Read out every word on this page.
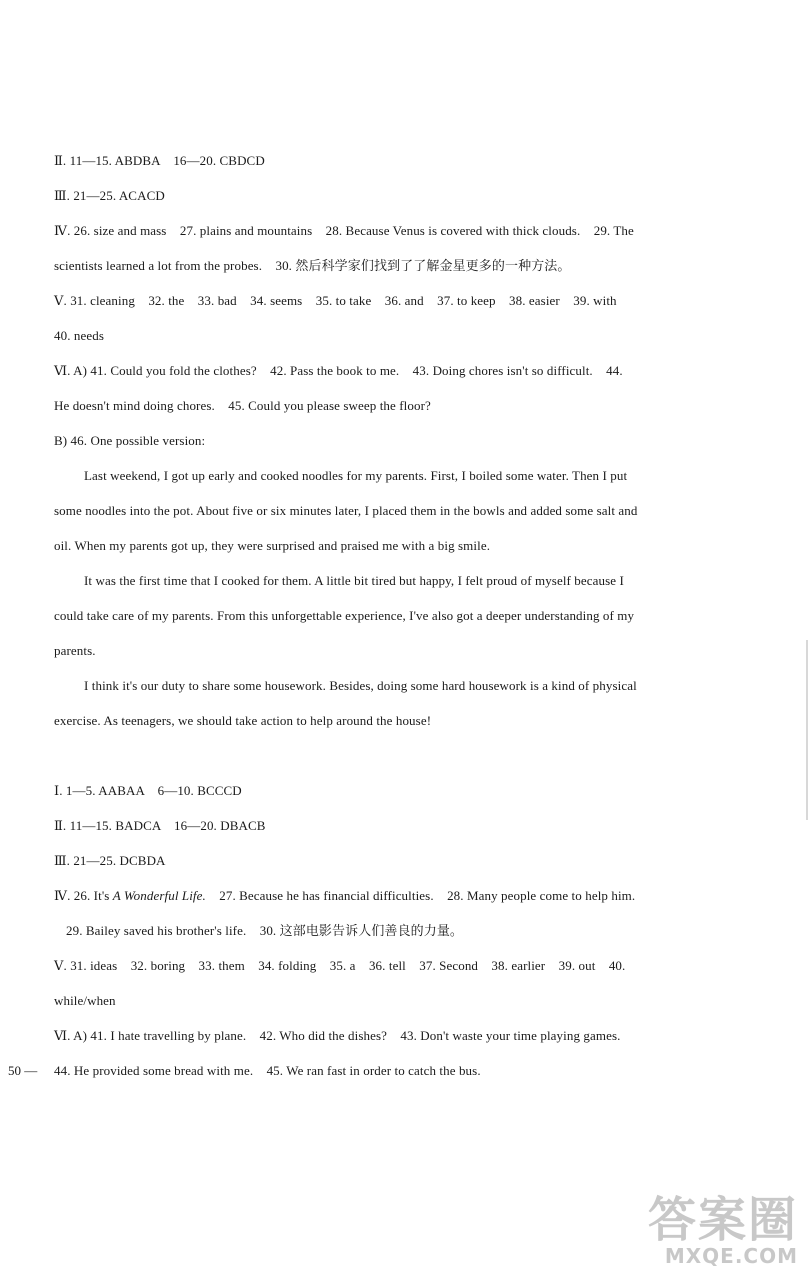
Ⅱ. 11—15. ABDBA    16—20. CBDCD
Ⅲ. 21—25. ACACD
Ⅳ. 26. size and mass    27. plains and mountains    28. Because Venus is covered with thick clouds.    29. The
scientists learned a lot from the probes.    30. 然后科学家们找到了了解金星更多的一种方法。
Ⅴ. 31. cleaning    32. the    33. bad    34. seems    35. to take    36. and    37. to keep    38. easier    39. with
40. needs
Ⅵ. A) 41. Could you fold the clothes?    42. Pass the book to me.    43. Doing chores isn't so difficult.    44.
He doesn't mind doing chores.    45. Could you please sweep the floor?
B) 46. One possible version:
Last weekend, I got up early and cooked noodles for my parents. First, I boiled some water. Then I put
some noodles into the pot. About five or six minutes later, I placed them in the bowls and added some salt and
oil. When my parents got up, they were surprised and praised me with a big smile.
It was the first time that I cooked for them. A little bit tired but happy, I felt proud of myself because I
could take care of my parents. From this unforgettable experience, I've also got a deeper understanding of my
parents.
I think it's our duty to share some housework. Besides, doing some hard housework is a kind of physical
exercise. As teenagers, we should take action to help around the house!
Ⅰ. 1—5. AABAA    6—10. BCCCD
Ⅱ. 11—15. BADCA    16—20. DBACB
Ⅲ. 21—25. DCBDA
Ⅳ. 26. It's A Wonderful Life.    27. Because he has financial difficulties.    28. Many people come to help him.
29. Bailey saved his brother's life.    30. 这部电影告诉人们善良的力量。
Ⅴ. 31. ideas    32. boring    33. them    34. folding    35. a    36. tell    37. Second    38. earlier    39. out    40.
while/when
Ⅵ. A) 41. I hate travelling by plane.    42. Who did the dishes?    43. Don't waste your time playing games.
44. He provided some bread with me.    45. We ran fast in order to catch the bus.
50 —
答案圈
MXQE.COM
